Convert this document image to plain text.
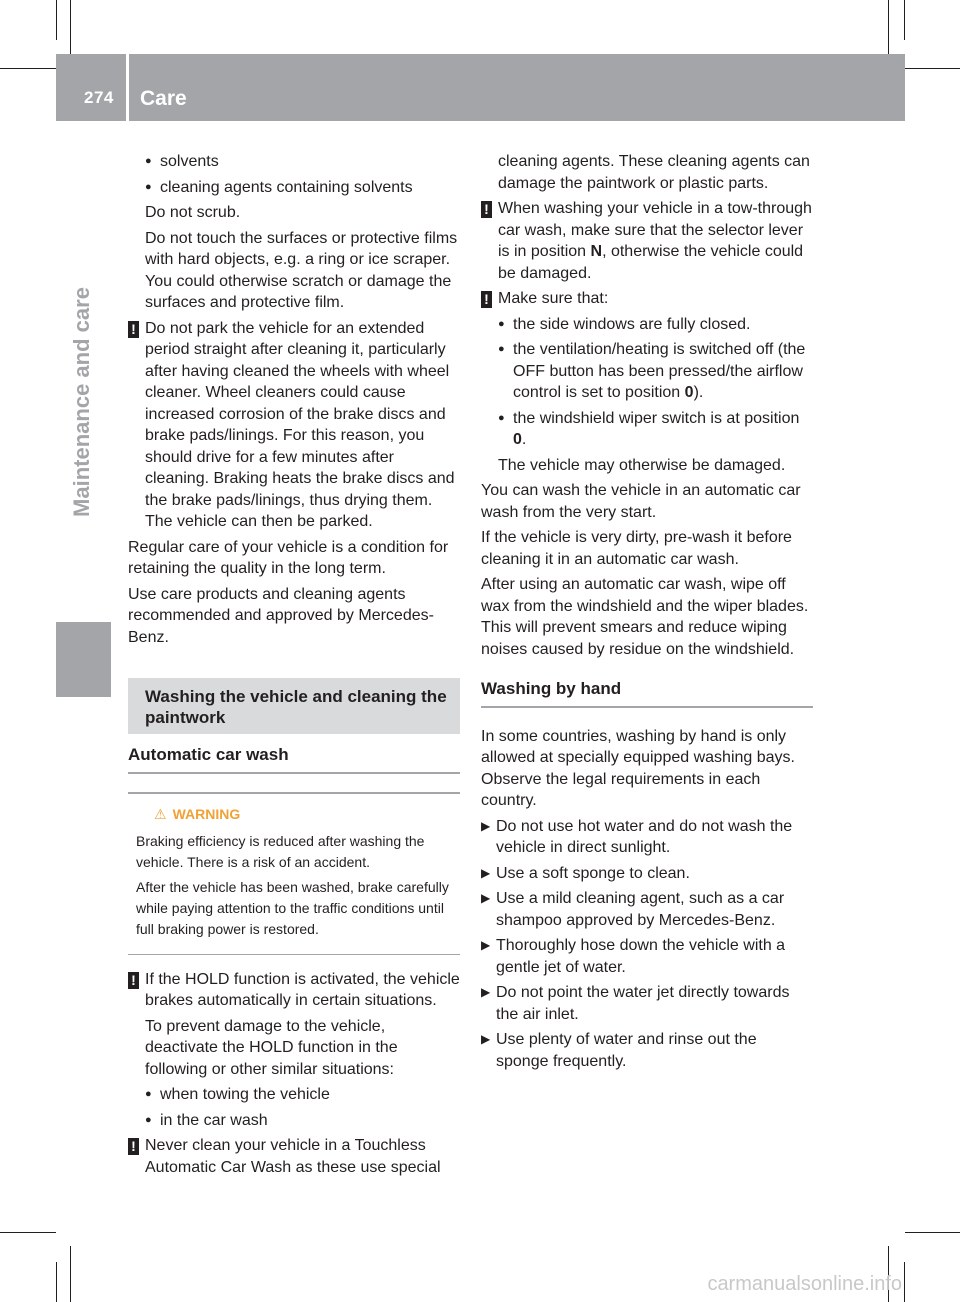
274 Care
Maintenance and care
● solvents
● cleaning agents containing solvents

Do not scrub.

Do not touch the surfaces or protective films with hard objects, e.g. a ring or ice scraper. You could otherwise scratch or damage the surfaces and protective film.

! Do not park the vehicle for an extended period straight after cleaning it, particularly after having cleaned the wheels with wheel cleaner. Wheel cleaners could cause increased corrosion of the brake discs and brake pads/linings. For this reason, you should drive for a few minutes after cleaning. Braking heats the brake discs and the brake pads/linings, thus drying them. The vehicle can then be parked.

Regular care of your vehicle is a condition for retaining the quality in the long term.

Use care products and cleaning agents recommended and approved by Mercedes-Benz.

Washing the vehicle and cleaning the paintwork
Automatic car wash
⚠ WARNING

Braking efficiency is reduced after washing the vehicle. There is a risk of an accident.

After the vehicle has been washed, brake carefully while paying attention to the traffic conditions until full braking power is restored.

! If the HOLD function is activated, the vehicle brakes automatically in certain situations.

To prevent damage to the vehicle, deactivate the HOLD function in the following or other similar situations:

● when towing the vehicle
● in the car wash
! Never clean your vehicle in a Touchless Automatic Car Wash as these use special

cleaning agents. These cleaning agents can damage the paintwork or plastic parts.

! When washing your vehicle in a tow-through car wash, make sure that the selector lever is in position N, otherwise the vehicle could be damaged.
! Make sure that:
● the side windows are fully closed.
● the ventilation/heating is switched off (the OFF button has been pressed/the airflow control is set to position 0).
● the windshield wiper switch is at position 0.

The vehicle may otherwise be damaged.

You can wash the vehicle in an automatic car wash from the very start.

If the vehicle is very dirty, pre-wash it before cleaning it in an automatic car wash.

After using an automatic car wash, wipe off wax from the windshield and the wiper blades. This will prevent smears and reduce wiping noises caused by residue on the windshield.

Washing by hand

In some countries, washing by hand is only allowed at specially equipped washing bays. Observe the legal requirements in each country.

▶ Do not use hot water and do not wash the vehicle in direct sunlight.
▶ Use a soft sponge to clean.
▶ Use a mild cleaning agent, such as a car shampoo approved by Mercedes-Benz.
▶ Thoroughly hose down the vehicle with a gentle jet of water.
▶ Do not point the water jet directly towards the air inlet.
▶ Use plenty of water and rinse out the sponge frequently.
carmanualsonline.info
